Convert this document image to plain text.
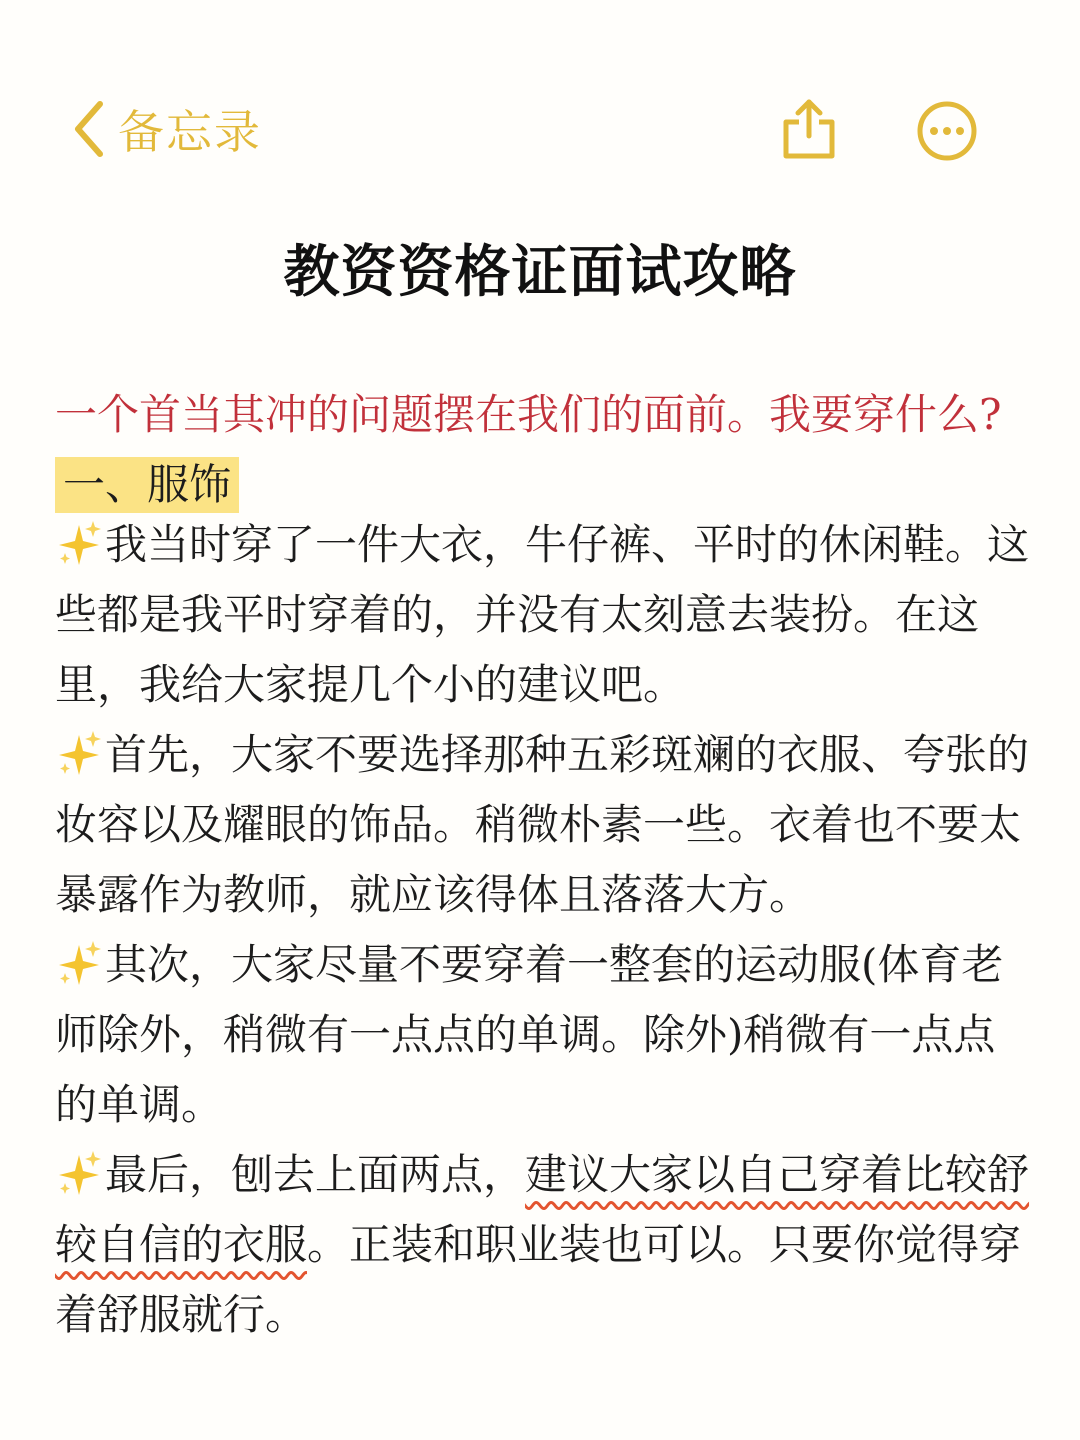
备忘录
教资资格证面试攻略

一个首当其冲的问题摆在我们的面前。我要穿什么?

一、服饰

我当时穿了一件大衣，牛仔裤、平时的休闲鞋。这些都是我平时穿着的，并没有太刻意去装扮。在这里，我给大家提几个小的建议吧。

首先，大家不要选择那种五彩斑斓的衣服、夸张的妆容以及耀眼的饰品。稍微朴素一些。衣着也不要太暴露作为教师，就应该得体且落落大方。

其次，大家尽量不要穿着一整套的运动服(体育老师除外，稍微有一点点的单调。除外)稍微有一点点的单调。

最后，刨去上面两点，建议大家以自己穿着比较舒较自信的衣服。正装和职业装也可以。只要你觉得穿着舒服就行。
